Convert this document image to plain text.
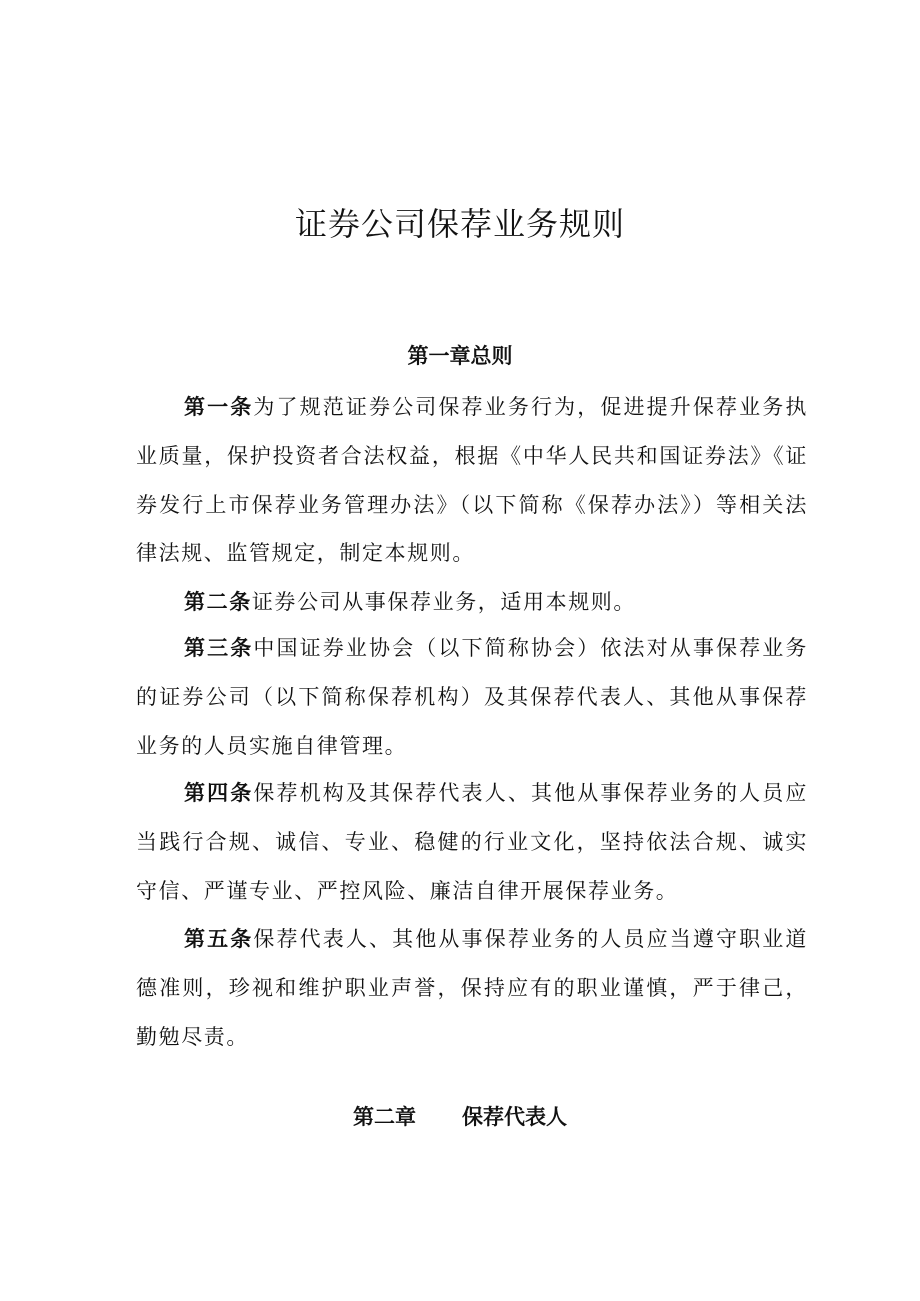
证券公司保荐业务规则
第一章总则

第一条为了规范证券公司保荐业务行为，促进提升保荐业务执业质量，保护投资者合法权益，根据《中华人民共和国证券法》《证券发行上市保荐业务管理办法》（以下简称《保荐办法》）等相关法律法规、监管规定，制定本规则。

第二条证券公司从事保荐业务，适用本规则。

第三条中国证券业协会（以下简称协会）依法对从事保荐业务的证券公司（以下简称保荐机构）及其保荐代表人、其他从事保荐业务的人员实施自律管理。

第四条保荐机构及其保荐代表人、其他从事保荐业务的人员应当践行合规、诚信、专业、稳健的行业文化，坚持依法合规、诚实守信、严谨专业、严控风险、廉洁自律开展保荐业务。

第五条保荐代表人、其他从事保荐业务的人员应当遵守职业道德准则，珍视和维护职业声誉，保持应有的职业谨慎，严于律己，勤勉尽责。

第二章 保荐代表人
